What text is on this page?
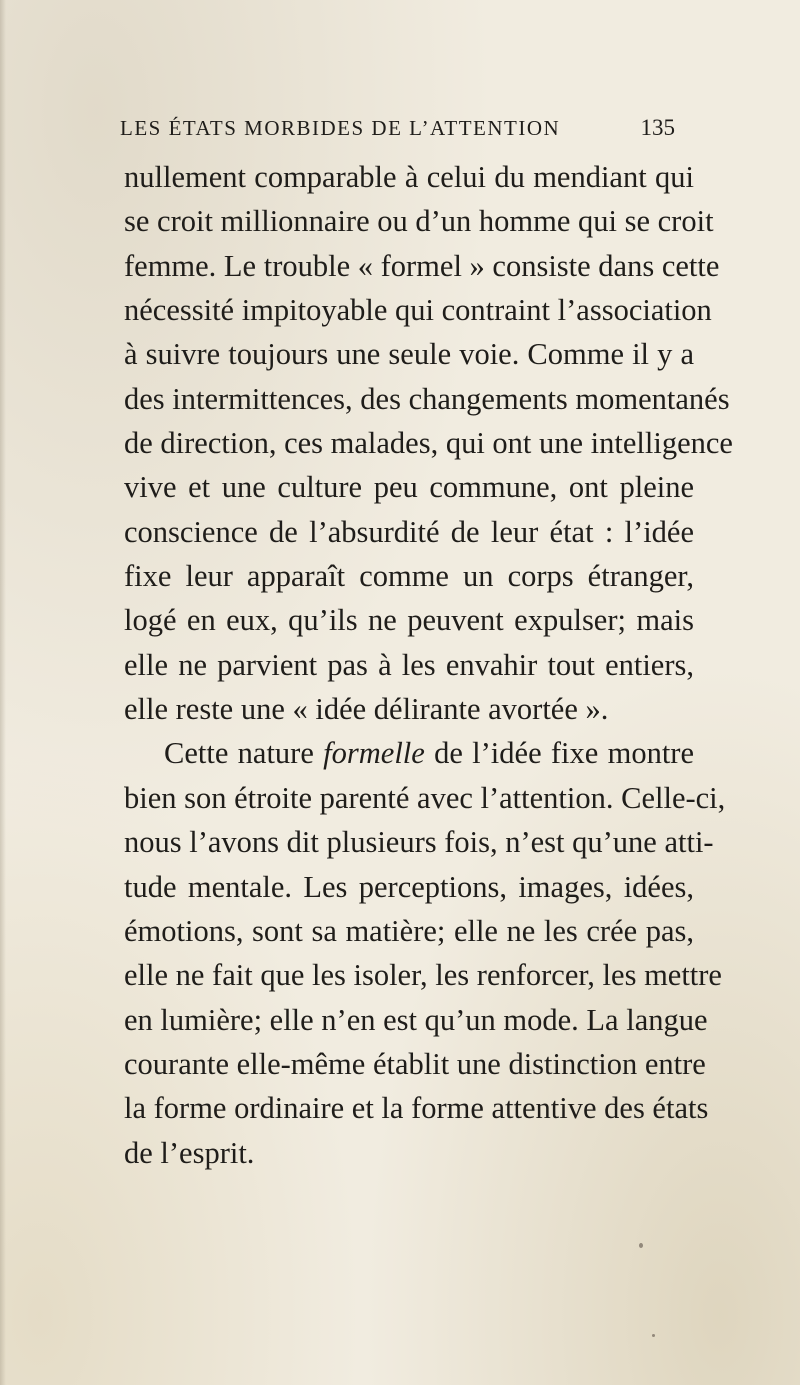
LES ÉTATS MORBIDES DE L’ATTENTION	135
nullement comparable à celui du mendiant qui
se croit millionnaire ou d’un homme qui se croit
femme. Le trouble « formel » consiste dans cette
nécessité impitoyable qui contraint l’association
à suivre toujours une seule voie. Comme il y a
des intermittences, des changements momentanés
de direction, ces malades, qui ont une intelligence
vive et une culture peu commune, ont pleine
conscience de l’absurdité de leur état : l’idée
fixe leur apparaît comme un corps étranger,
logé en eux, qu’ils ne peuvent expulser; mais
elle ne parvient pas à les envahir tout entiers,
elle reste une « idée délirante avortée ».
Cette nature formelle de l’idée fixe montre
bien son étroite parenté avec l’attention. Celle-ci,
nous l’avons dit plusieurs fois, n’est qu’une atti-
tude mentale. Les perceptions, images, idées,
émotions, sont sa matière; elle ne les crée pas,
elle ne fait que les isoler, les renforcer, les mettre
en lumière; elle n’en est qu’un mode. La langue
courante elle-même établit une distinction entre
la forme ordinaire et la forme attentive des états
de l’esprit.
